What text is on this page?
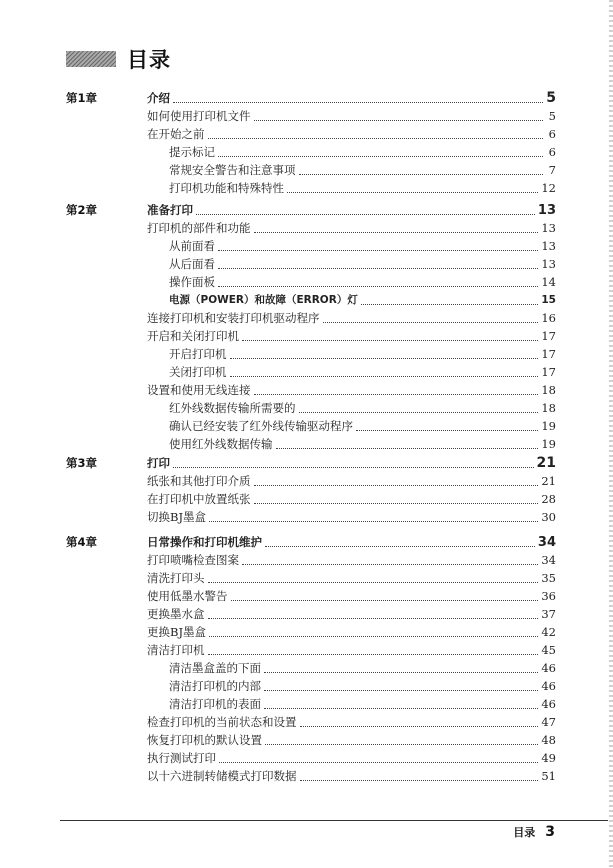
目录
第1章	介绍	5
如何使用打印机文件	5
在开始之前	6
提示标记	6
常规安全警告和注意事项	7
打印机功能和特殊特性	12
第2章	准备打印	13
打印机的部件和功能	13
从前面看	13
从后面看	13
操作面板	14
电源（POWER）和故障（ERROR）灯	15
连接打印机和安装打印机驱动程序	16
开启和关闭打印机	17
开启打印机	17
关闭打印机	17
设置和使用无线连接	18
红外线数据传输所需要的	18
确认已经安装了红外线传输驱动程序	19
使用红外线数据传输	19
第3章	打印	21
纸张和其他打印介质	21
在打印机中放置纸张	28
切换BJ墨盒	30
第4章	日常操作和打印机维护	34
打印喷嘴检查图案	34
清洗打印头	35
使用低墨水警告	36
更换墨水盒	37
更换BJ墨盒	42
清洁打印机	45
清洁墨盒盖的下面	46
清洁打印机的内部	46
清洁打印机的表面	46
检查打印机的当前状态和设置	47
恢复打印机的默认设置	48
执行测试打印	49
以十六进制转储模式打印数据	51
目录 3
